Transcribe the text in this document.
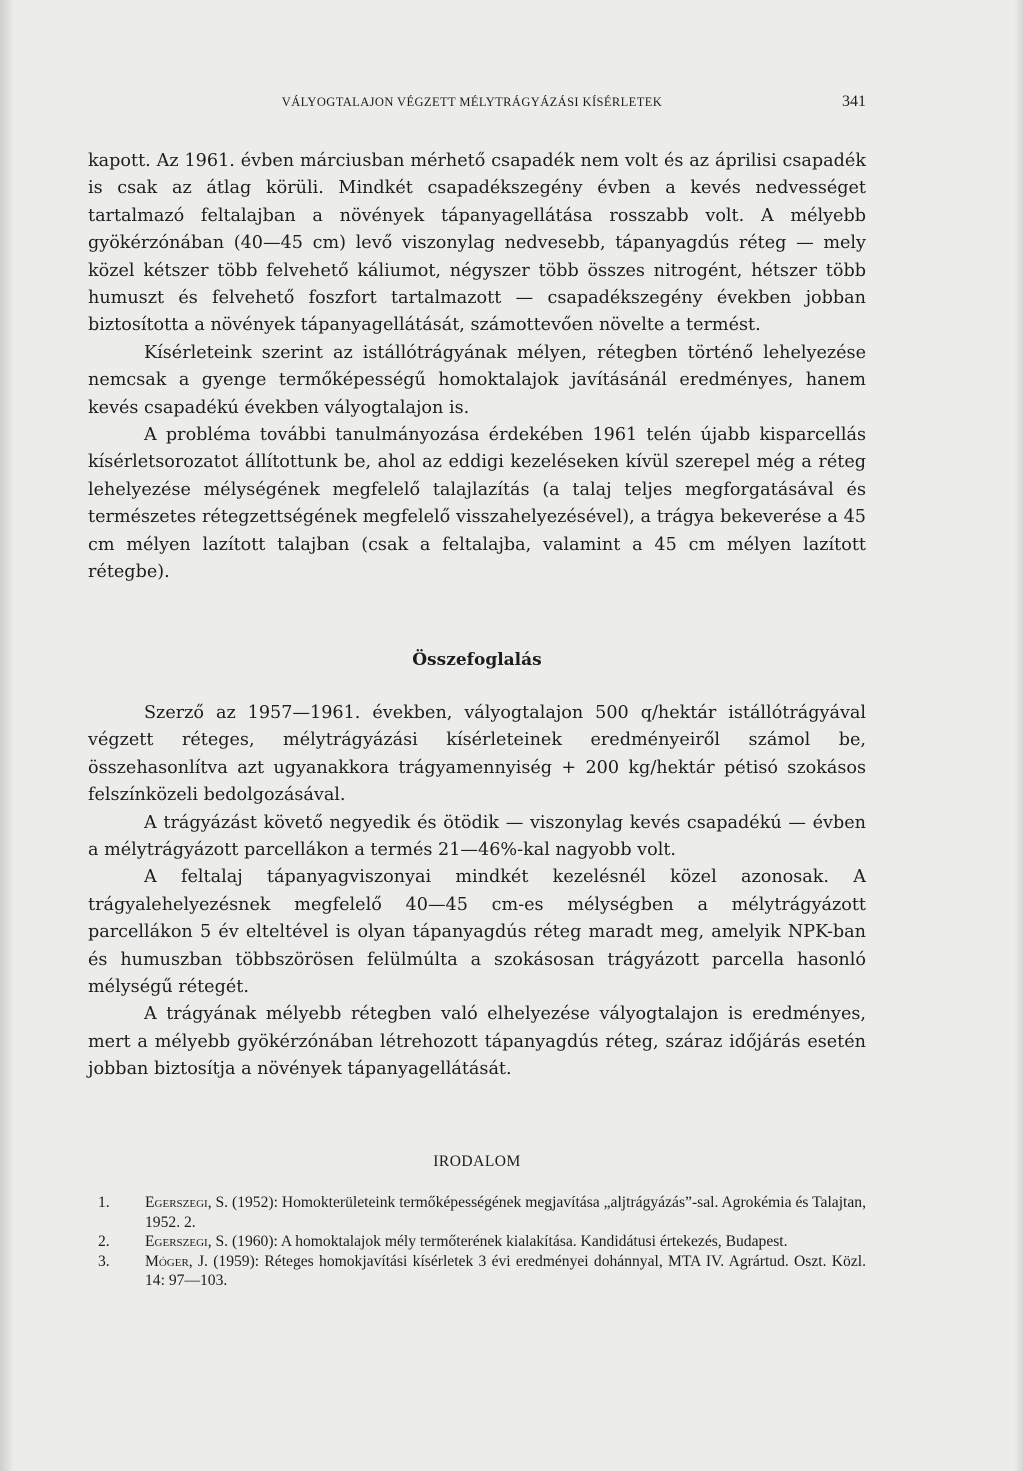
VÁLYOGTALAJON VÉGZETT MÉLYTRÁGYÁZÁSI KÍSÉRLETEK	341

kapott. Az 1961. évben márciusban mérhető csapadék nem volt és az áprilisi csapadék is csak az átlag körüli. Mindkét csapadékszegény évben a kevés nedvességet tartalmazó feltalajban a növények tápanyagellátása rosszabb volt. A mélyebb gyökérzónában (40—45 cm) levő viszonylag nedvesebb, tápanyagdús réteg — mely közel kétszer több felvehető káliumot, négyszer több összes nitrogént, hétszer több humuszt és felvehető foszfort tartalmazott — csapadékszegény években jobban biztosította a növények tápanyagellátását, számottevően növelte a termést.

Kísérleteink szerint az istállótrágyának mélyen, rétegben történő lehelyezése nemcsak a gyenge termőképességű homoktalajok javításánál eredményes, hanem kevés csapadékú években vályogtalajon is.

A probléma további tanulmányozása érdekében 1961 telén újabb kisparcellás kísérletsorozatot állítottunk be, ahol az eddigi kezeléseken kívül szerepel még a réteg lehelyezése mélységének megfelelő talajlazítás (a talaj teljes megforgatásával és természetes rétegzettségének megfelelő visszahelyezésével), a trágya bekeverése a 45 cm mélyen lazított talajban (csak a feltalajba, valamint a 45 cm mélyen lazított rétegbe).

Összefoglalás

Szerző az 1957—1961. években, vályogtalajon 500 q/hektár istállótrágyával végzett réteges, mélytrágyázási kísérleteinek eredményeiről számol be, összehasonlítva azt ugyanakkora trágyamennyiség + 200 kg/hektár pétisó szokásos felszínközeli bedolgozásával.

A trágyázást követő negyedik és ötödik — viszonylag kevés csapadékú — évben a mélytrágyázott parcellákon a termés 21—46%-kal nagyobb volt.

A feltalaj tápanyagviszonyai mindkét kezelésnél közel azonosak. A trágyalehelyezésnek megfelelő 40—45 cm-es mélységben a mélytrágyázott parcellákon 5 év elteltével is olyan tápanyagdús réteg maradt meg, amelyik NPK-ban és humuszban többszörösen felülmúlta a szokásosan trágyázott parcella hasonló mélységű rétegét.

A trágyának mélyebb rétegben való elhelyezése vályogtalajon is eredményes, mert a mélyebb gyökérzónában létrehozott tápanyagdús réteg, száraz időjárás esetén jobban biztosítja a növények tápanyagellátását.

IRODALOM

1. Egerszegi, S. (1952): Homokterületeink termőképességének megjavítása „aljtrágyázás”-sal. Agrokémia és Talajtan, 1952. 2.

2. Egerszegi, S. (1960): A homoktalajok mély termőterének kialakítása. Kandidátusi értekezés, Budapest.

3. Móger, J. (1959): Réteges homokjavítási kísérletek 3 évi eredményei dohánnyal, MTA IV. Agrártud. Oszt. Közl. 14: 97—103.
